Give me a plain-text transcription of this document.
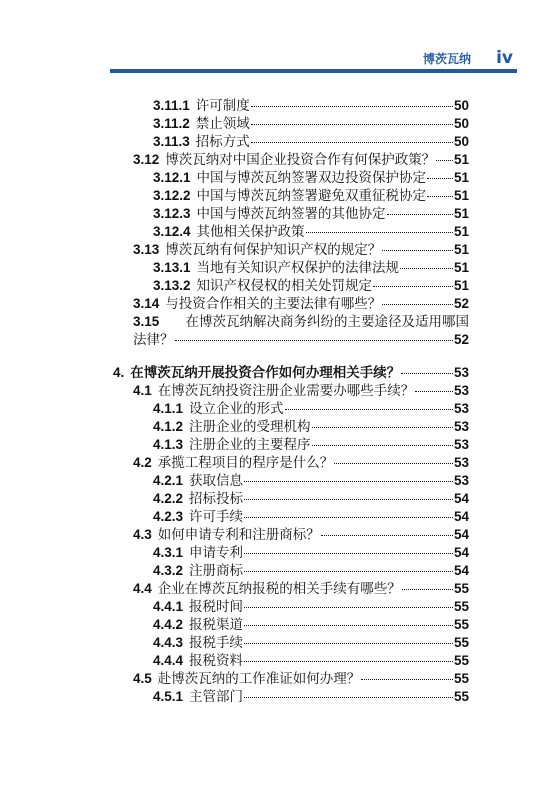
博茨瓦纳 iv
3.11.1 许可制度	50
3.11.2 禁止领域	50
3.11.3 招标方式	50
3.12 博茨瓦纳对中国企业投资合作有何保护政策？ 51
3.12.1 中国与博茨瓦纳签署双边投资保护协定 51
3.12.2 中国与博茨瓦纳签署避免双重征税协定 51
3.12.3 中国与博茨瓦纳签署的其他协定	51
3.12.4 其他相关保护政策	51
3.13 博茨瓦纳有何保护知识产权的规定？	51
3.13.1 当地有关知识产权保护的法律法规	51
3.13.2 知识产权侵权的相关处罚规定	51
3.14 与投资合作相关的主要法律有哪些？	52
3.15 在博茨瓦纳解决商务纠纷的主要途径及适用哪国
法律？	52
4. 在博茨瓦纳开展投资合作如何办理相关手续？	53
4.1 在博茨瓦纳投资注册企业需要办哪些手续？	53
4.1.1 设立企业的形式	53
4.1.2 注册企业的受理机构	53
4.1.3 注册企业的主要程序	53
4.2 承揽工程项目的程序是什么？	53
4.2.1 获取信息	53
4.2.2 招标投标	54
4.2.3 许可手续	54
4.3 如何申请专利和注册商标？	54
4.3.1 申请专利	54
4.3.2 注册商标	54
4.4 企业在博茨瓦纳报税的相关手续有哪些？	55
4.4.1 报税时间	55
4.4.2 报税渠道	55
4.4.3 报税手续	55
4.4.4 报税资料	55
4.5 赴博茨瓦纳的工作准证如何办理？	55
4.5.1 主管部门	55
